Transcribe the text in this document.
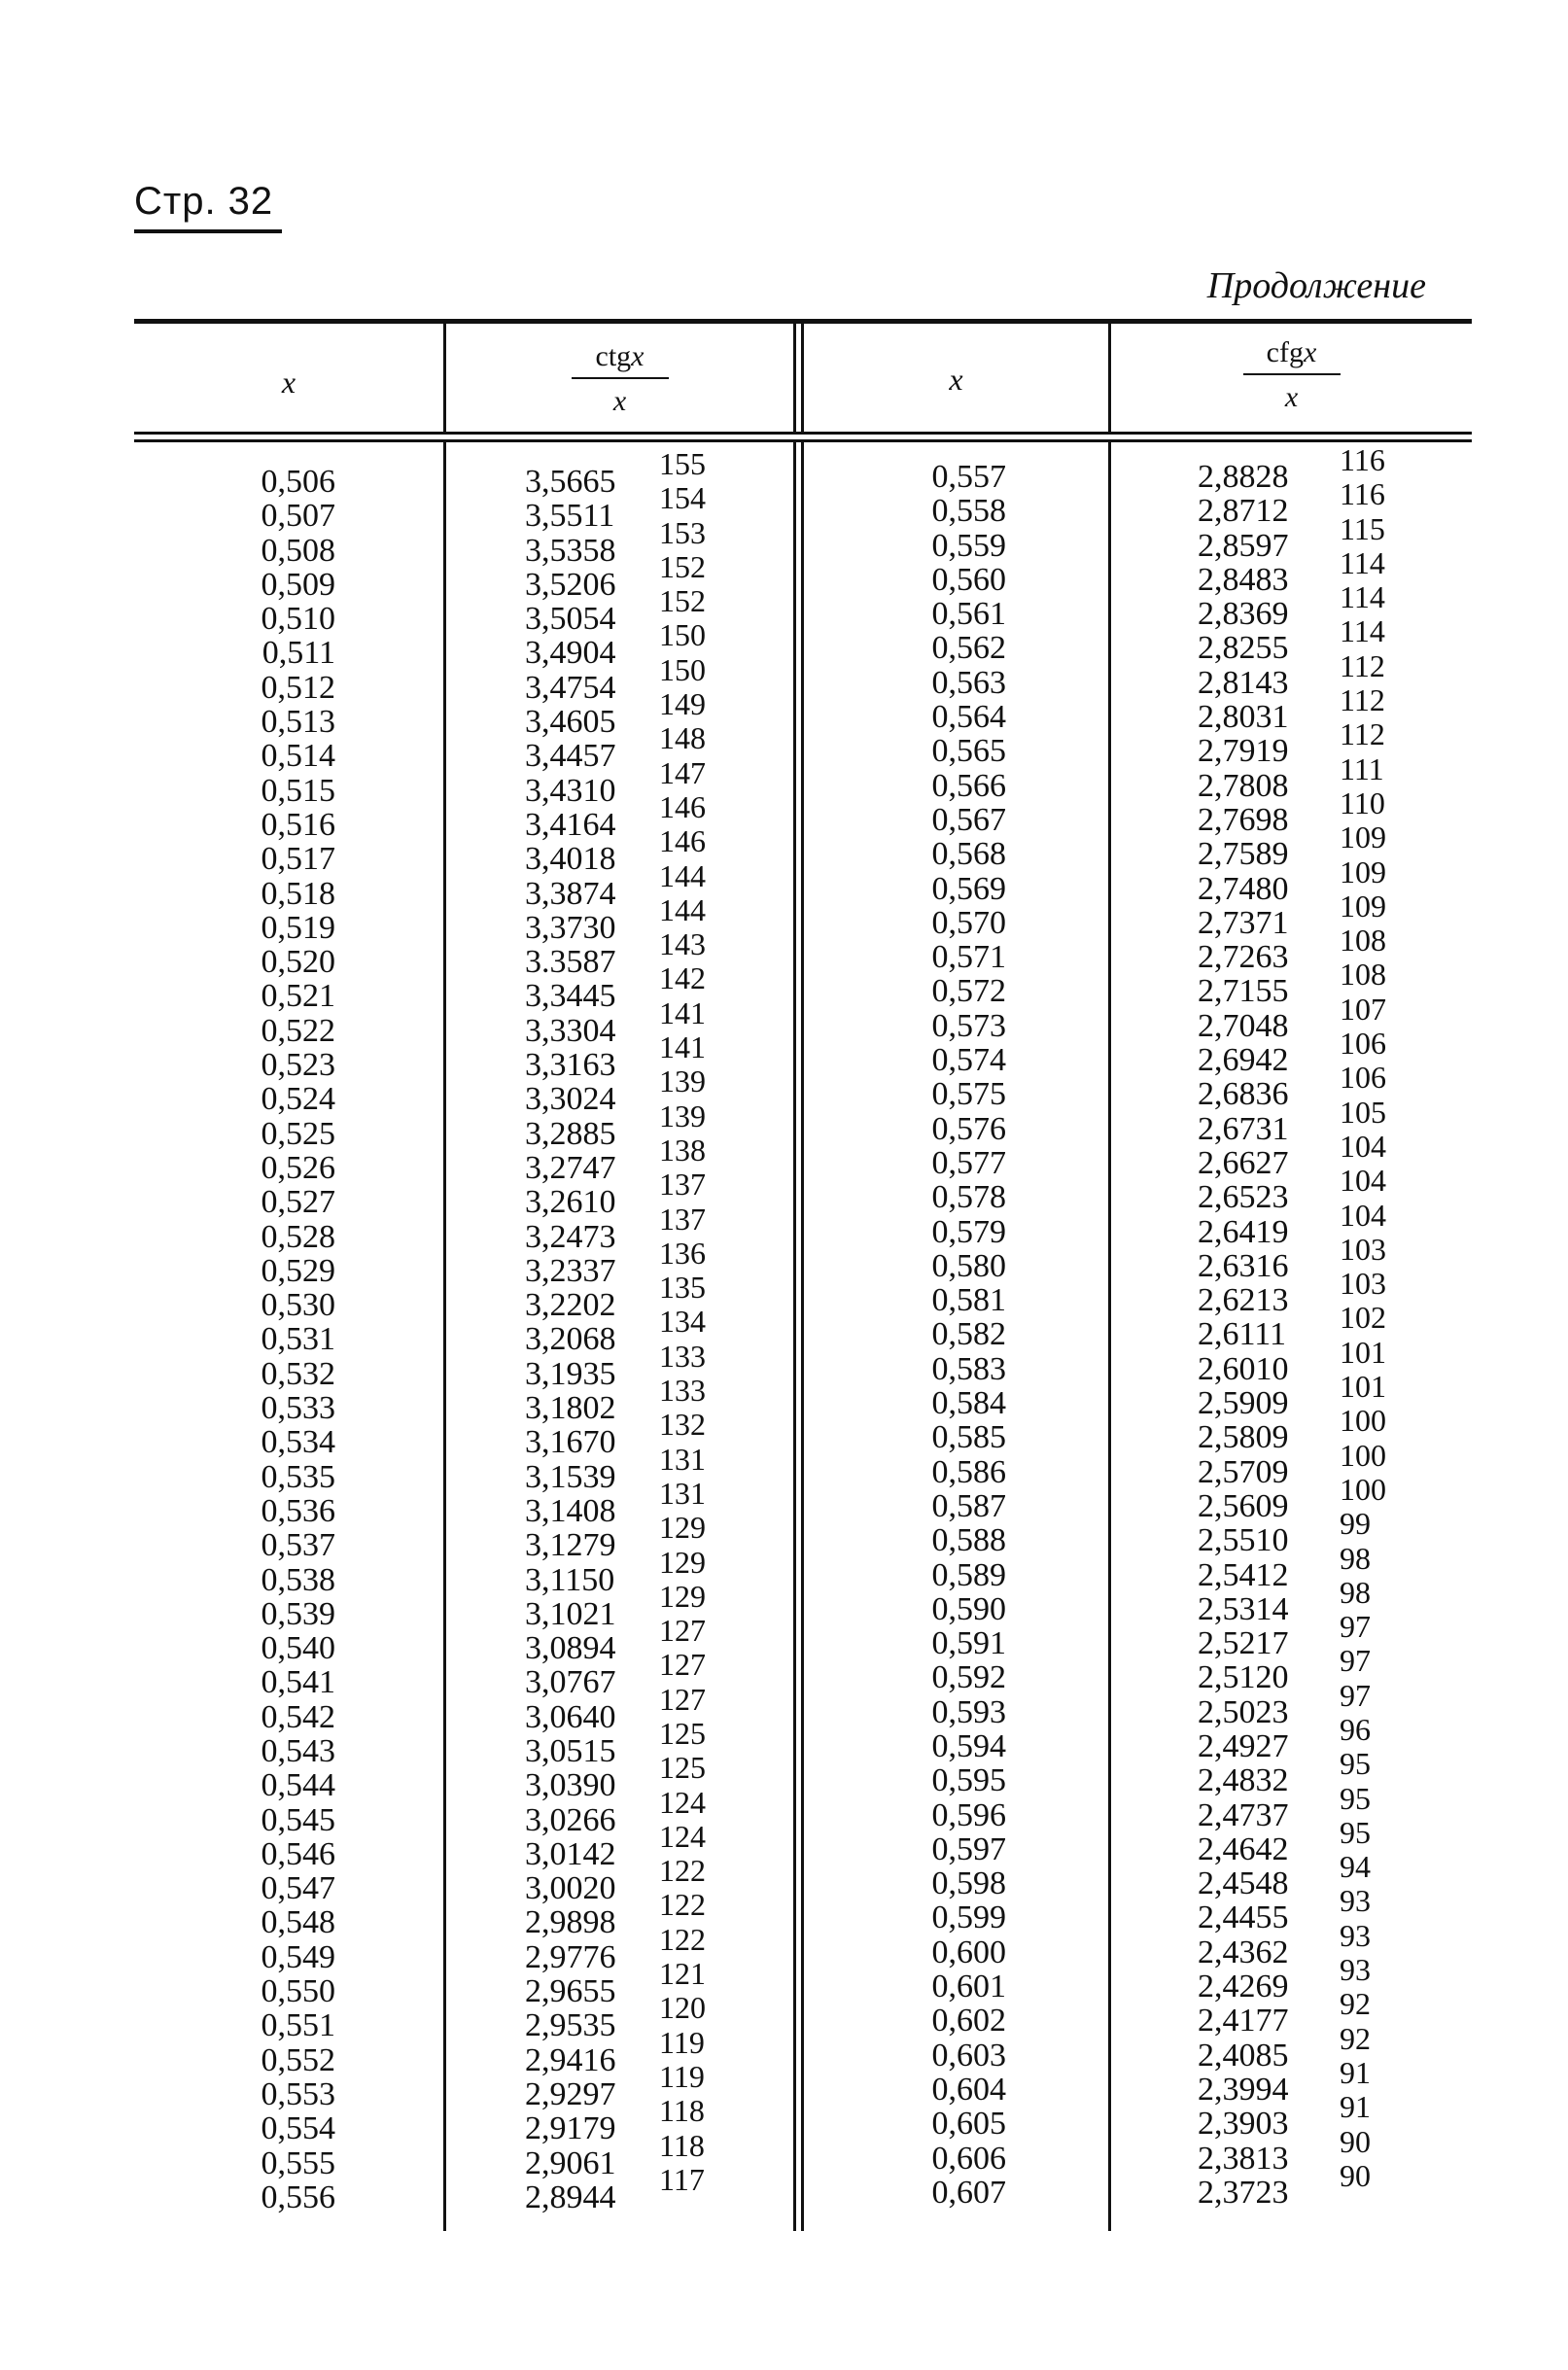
Стр. 32
Продолжение
x
ctgx
x
x
cfgx
x
0,506
0,507
0,508
0,509
0,510
0,511
0,512
0,513
0,514
0,515
0,516
0,517
0,518
0,519
0,520
0,521
0,522
0,523
0,524
0,525
0,526
0,527
0,528
0,529
0,530
0,531
0,532
0,533
0,534
0,535
0,536
0,537
0,538
0,539
0,540
0,541
0,542
0,543
0,544
0,545
0,546
0,547
0,548
0,549
0,550
0,551
0,552
0,553
0,554
0,555
0,556
3,5665
3,5511
3,5358
3,5206
3,5054
3,4904
3,4754
3,4605
3,4457
3,4310
3,4164
3,4018
3,3874
3,3730
3.3587
3,3445
3,3304
3,3163
3,3024
3,2885
3,2747
3,2610
3,2473
3,2337
3,2202
3,2068
3,1935
3,1802
3,1670
3,1539
3,1408
3,1279
3,1150
3,1021
3,0894
3,0767
3,0640
3,0515
3,0390
3,0266
3,0142
3,0020
2,9898
2,9776
2,9655
2,9535
2,9416
2,9297
2,9179
2,9061
2,8944
155
154
153
152
152
150
150
149
148
147
146
146
144
144
143
142
141
141
139
139
138
137
137
136
135
134
133
133
132
131
131
129
129
129
127
127
127
125
125
124
124
122
122
122
121
120
119
119
118
118
117
0,557
0,558
0,559
0,560
0,561
0,562
0,563
0,564
0,565
0,566
0,567
0,568
0,569
0,570
0,571
0,572
0,573
0,574
0,575
0,576
0,577
0,578
0,579
0,580
0,581
0,582
0,583
0,584
0,585
0,586
0,587
0,588
0,589
0,590
0,591
0,592
0,593
0,594
0,595
0,596
0,597
0,598
0,599
0,600
0,601
0,602
0,603
0,604
0,605
0,606
0,607
2,8828
2,8712
2,8597
2,8483
2,8369
2,8255
2,8143
2,8031
2,7919
2,7808
2,7698
2,7589
2,7480
2,7371
2,7263
2,7155
2,7048
2,6942
2,6836
2,6731
2,6627
2,6523
2,6419
2,6316
2,6213
2,6111
2,6010
2,5909
2,5809
2,5709
2,5609
2,5510
2,5412
2,5314
2,5217
2,5120
2,5023
2,4927
2,4832
2,4737
2,4642
2,4548
2,4455
2,4362
2,4269
2,4177
2,4085
2,3994
2,3903
2,3813
2,3723
116
116
115
114
114
114
112
112
112
111
110
109
109
109
108
108
107
106
106
105
104
104
104
103
103
102
101
101
100
100
100
99
98
98
97
97
97
96
95
95
95
94
93
93
93
92
92
91
91
90
90
